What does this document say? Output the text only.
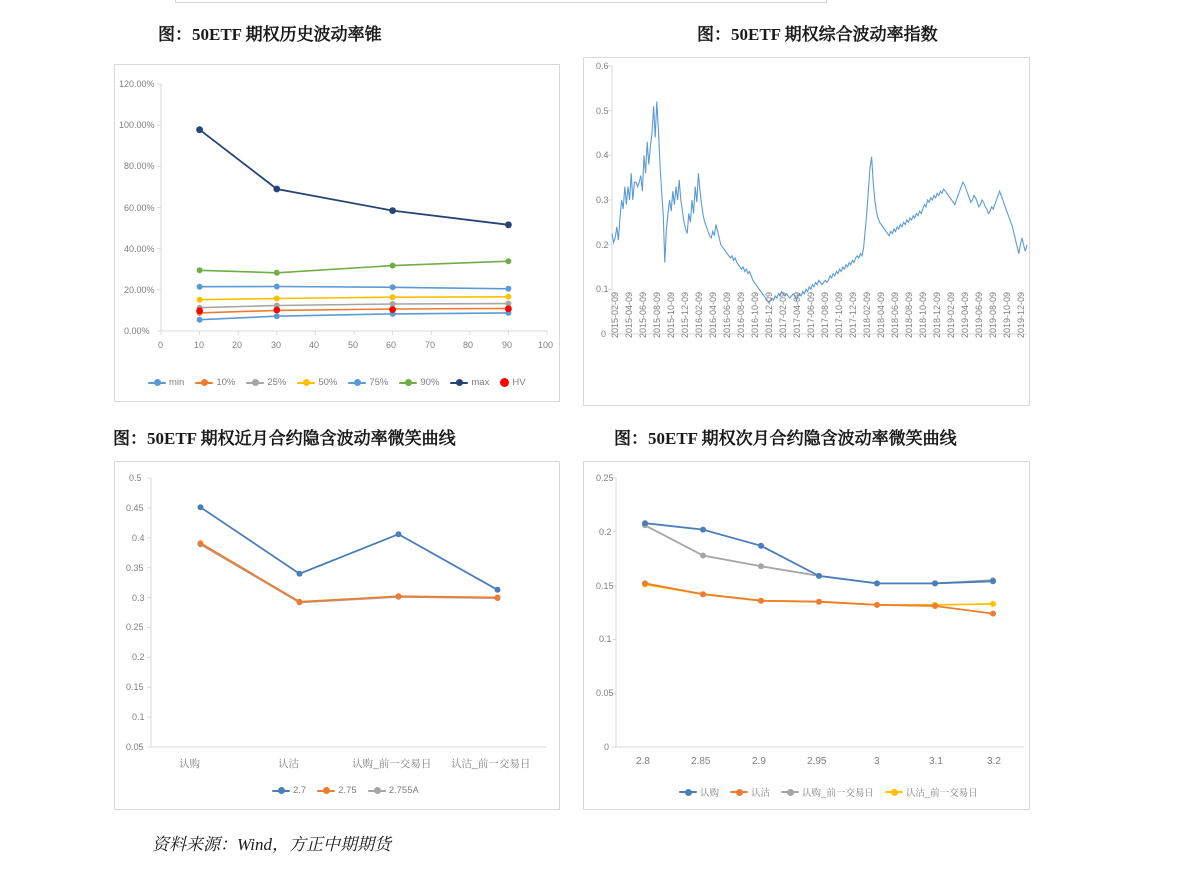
图：50ETF 期权历史波动率锥	图：50ETF 期权综合波动率指数
图：50ETF 期权近月合约隐含波动率微笑曲线	图：50ETF 期权次月合约隐含波动率微笑曲线
120.00%
100.00%
80.00%
60.00%
40.00%
20.00%
0.00%
0	10	20	30	40	50	60	70	80	90	100
min	10%	25%	50%	75%	90%	max HV
0.6
0.5
0.4
0.3
0.2
0.1
0 2015-02-09 2015-04-09 2015-06-09 2015-08-09 2015-10-09 2015-12-09 2016-02-09 2016-04-09 2016-06-09 2016-08-09 2016-10-09 2016-12-09 2017-02-09 2017-04-09 2017-06-09 2017-08-09 2017-10-09 2017-12-09 2018-02-09 2018-04-09 2018-06-09 2018-08-09 2018-10-09 2018-12-09 2019-02-09 2019-04-09 2019-06-09 2019-08-09 2019-10-09 2019-12-09
0.5
0.45
0.4
0.35
0.3
0.25
0.2
0.15
0.1
0.05
认购	认沽	认购_前一交易日 认沽_前一交易日
2.7	2.75	2.755A
0.25
0.2
0.15
0.1
0.05
0
2.8	2.85	2.9	2.95	3	3.1	3.2
认购	认沽	认购_前一交易日	认沽_前一交易日
资料来源：Wind，方正中期期货
